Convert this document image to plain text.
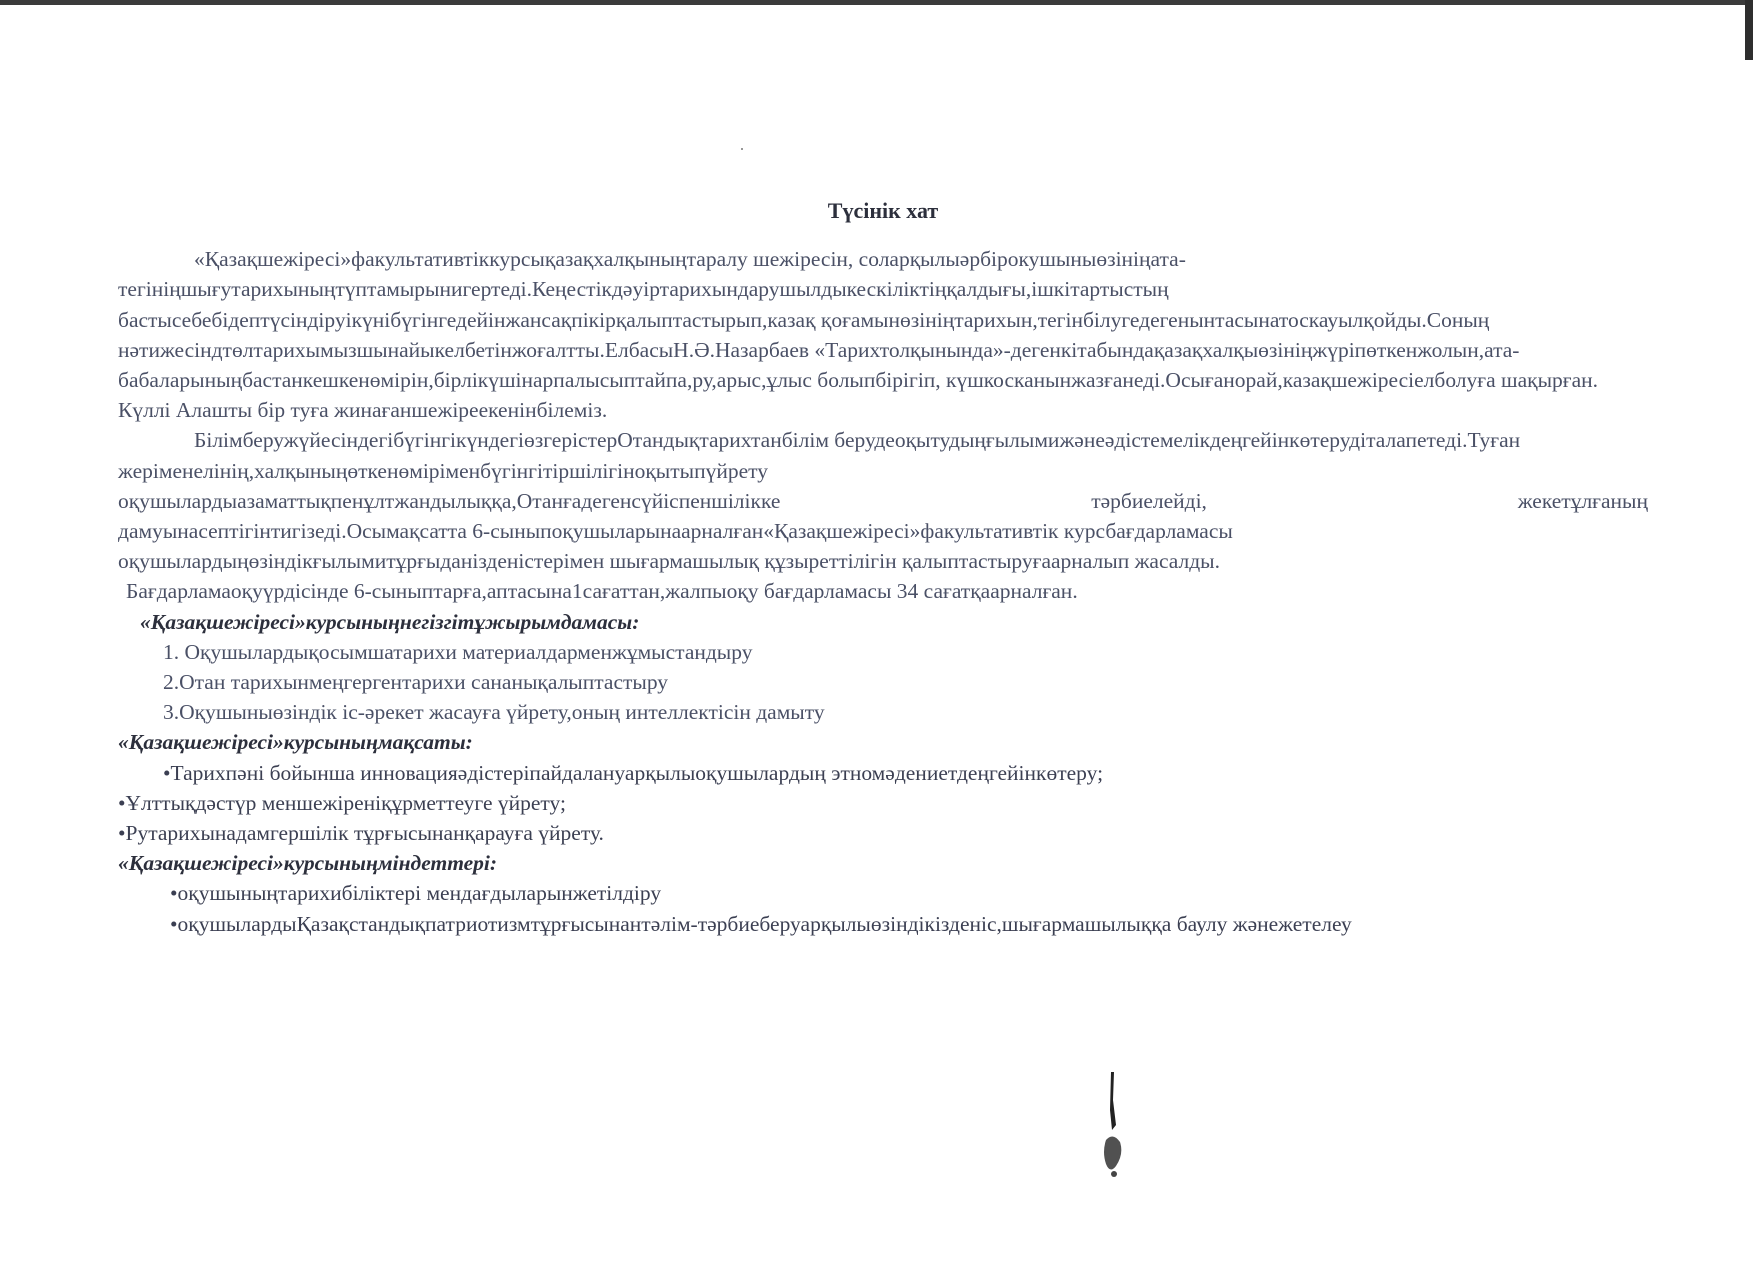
Түсінік хат

«Қазақшежіресі»факультативтіккурсықазақхалқыныңтаралу шежіресін, соларқылыәрбірокушыныөзініңата-тегініңшығутарихыныңтүптамырынигертеді.Кеңестікдәуіртарихындарушылдыкескіліктіңқалдығы,ішкітартыстың бастысебебідептүсіндіруікүнібүгінгедейінжансақпікірқалыптастырып,казақ қоғамынөзініңтарихын,тегінбілугедегенынтасынатоскауылқойды.Соның нәтижесіндтөлтарихымызшынайыкелбетінжоғалтты.ЕлбасыН.Ә.Назарбаев «Тарихтолқынында»-дегенкітабындақазақхалқыөзініңжүріпөткенжолын,ата-бабаларыныңбастанкешкенөмірін,бірлікүшінарпалысыптайпа,ру,арыс,ұлыс болыпбірігіп, күшкосканынжазғанеді.Осығанорай,казақшежіресіелболуға шақырған. Күллі Алашты бір туға жинағаншежіреекенінбілеміз.

БілімберужүйесіндегібүгінгікүндегіөзгерістерОтандықтарихтанбілім берудеоқытудыңғылымижәнеәдістемелікдеңгейінкөтерудіталапетеді.Туған жеріменелінің,халқыныңөткенөміріменбүгінгітіршілігіноқытыпүйрету

оқушылардыазаматтықпенұлтжандылыққа,Отанғадегенсүйіспеншілікке тәрбиелейді, жекетұлғаның

дамуынасептігінтигізеді.Осымақсатта 6-сыныпоқушыларынаарналған«Қазақшежіресі»факультативтік курсбағдарламасы оқушылардыңөзіндікғылымитұрғыданізденістерімен шығармашылық құзыреттілігін қалыптастыруғаарналып жасалды.

Бағдарламаоқуүрдісінде 6-сыныптарға,аптасына1сағаттан,жалпыоқу бағдарламасы 34 сағатқаарналған.

«Қазақшежіресі»курсыныңнегізгітұжырымдамасы:

1. Оқушылардықосымшатарихи материалдарменжұмыстандыру

2.Отан тарихынмеңгергентарихи сананықалыптастыру

3.Оқушыныөзіндік іс-әрекет жасауға үйрету,оның интеллектісін дамыту

«Қазақшежіресі»курсыныңмақсаты:

•Тарихпәні бойынша инновацияәдістеріпайдалануарқылыоқушылардың этномәдениетдеңгейінкөтеру;

•Ұлттықдәстүр меншежіреніқұрметтеуге үйрету;

•Рутарихынадамгершілік тұрғысынанқарауға үйрету.

«Қазақшежіресі»курсыныңміндеттері:

•оқушыныңтарихибіліктері мендағдыларынжетілдіру

•оқушылардыҚазақстандықпатриотизмтұрғысынантәлім-тәрбиеберуарқылыөзіндікізденіс,шығармашылыққа баулу жәнежетелеу
